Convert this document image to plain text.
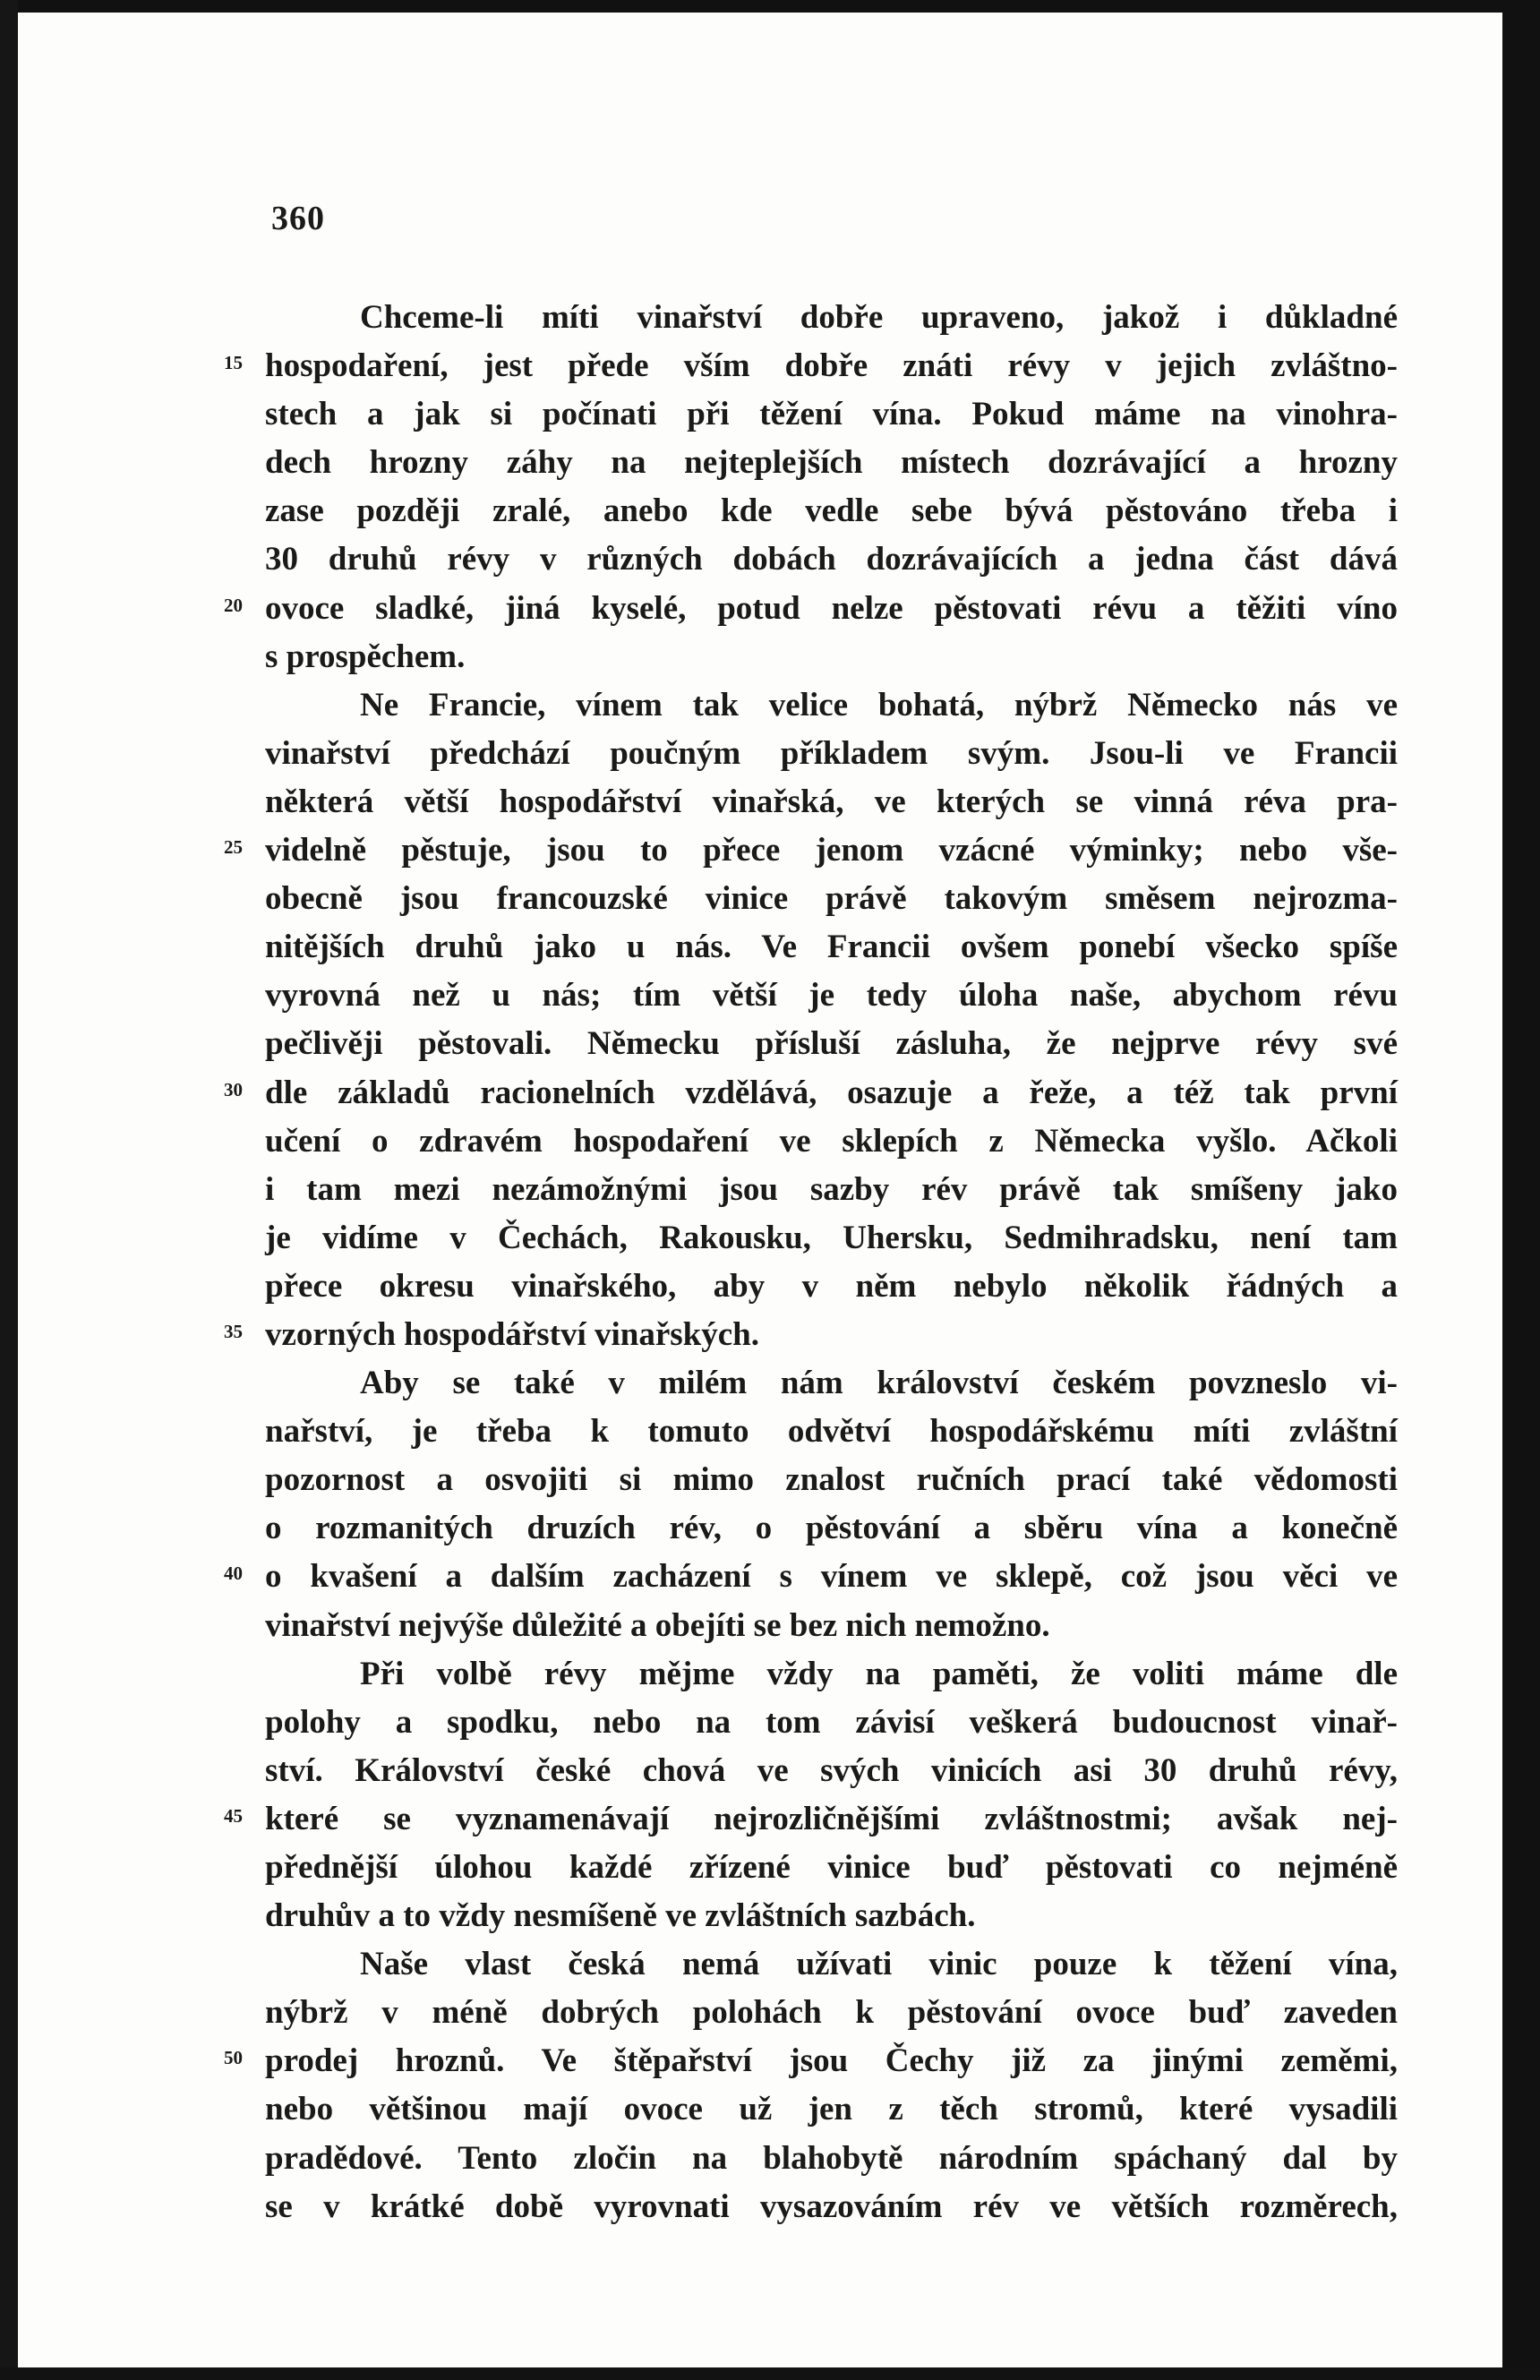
360
Chceme-li míti vinařství dobře upraveno, jakož i důkladné
15 hospodaření, jest přede vším dobře znáti révy v jejich zvláštno-
stech a jak si počínati při těžení vína. Pokud máme na vinohra-
dech hrozny záhy na nejteplejších místech dozrávající a hrozny
zase později zralé, anebo kde vedle sebe bývá pěstováno třeba i
30 druhů révy v různých dobách dozrávajících a jedna část dává
20 ovoce sladké, jiná kyselé, potud nelze pěstovati révu a těžiti víno
s prospěchem.
Ne Francie, vínem tak velice bohatá, nýbrž Německo nás ve
vinařství předchází poučným příkladem svým. Jsou-li ve Francii
některá větší hospodářství vinařská, ve kterých se vinná réva pra-
25 videlně pěstuje, jsou to přece jenom vzácné výminky; nebo vše-
obecně jsou francouzské vinice právě takovým směsem nejrozma-
nitějších druhů jako u nás. Ve Francii ovšem ponebí všecko spíše
vyrovná než u nás; tím větší je tedy úloha naše, abychom révu
pečlivěji pěstovali. Německu přísluší zásluha, že nejprve révy své
30 dle základů racionelních vzdělává, osazuje a řeže, a též tak první
učení o zdravém hospodaření ve sklepích z Německa vyšlo. Ačkoli
i tam mezi nezámožnými jsou sazby rév právě tak smíšeny jako
je vidíme v Čechách, Rakousku, Uhersku, Sedmihradsku, není tam
přece okresu vinařského, aby v něm nebylo několik řádných a
35 vzorných hospodářství vinařských.
Aby se také v milém nám království českém povzneslo vi-
nařství, je třeba k tomuto odvětví hospodářskému míti zvláštní
pozornost a osvojiti si mimo znalost ručních prací také vědomosti
o rozmanitých druzích rév, o pěstování a sběru vína a konečně
40 o kvašení a dalším zacházení s vínem ve sklepě, což jsou věci ve
vinařství nejvýše důležité a obejíti se bez nich nemožno.
Při volbě révy mějme vždy na paměti, že voliti máme dle
polohy a spodku, nebo na tom závisí veškerá budoucnost vinař-
ství. Království české chová ve svých vinicích asi 30 druhů révy,
45 které se vyznamenávají nejrozličnějšími zvláštnostmi; avšak nej-
přednější úlohou každé zřízené vinice buď pěstovati co nejméně
druhův a to vždy nesmíšeně ve zvláštních sazbách.
Naše vlast česká nemá užívati vinic pouze k těžení vína,
nýbrž v méně dobrých polohách k pěstování ovoce buď zaveden
50 prodej hroznů. Ve štěpařství jsou Čechy již za jinými zeměmi,
nebo většinou mají ovoce už jen z těch stromů, které vysadili
pradědové. Tento zločin na blahobytě národním spáchaný dal by
se v krátké době vyrovnati vysazováním rév ve větších rozměrech,
